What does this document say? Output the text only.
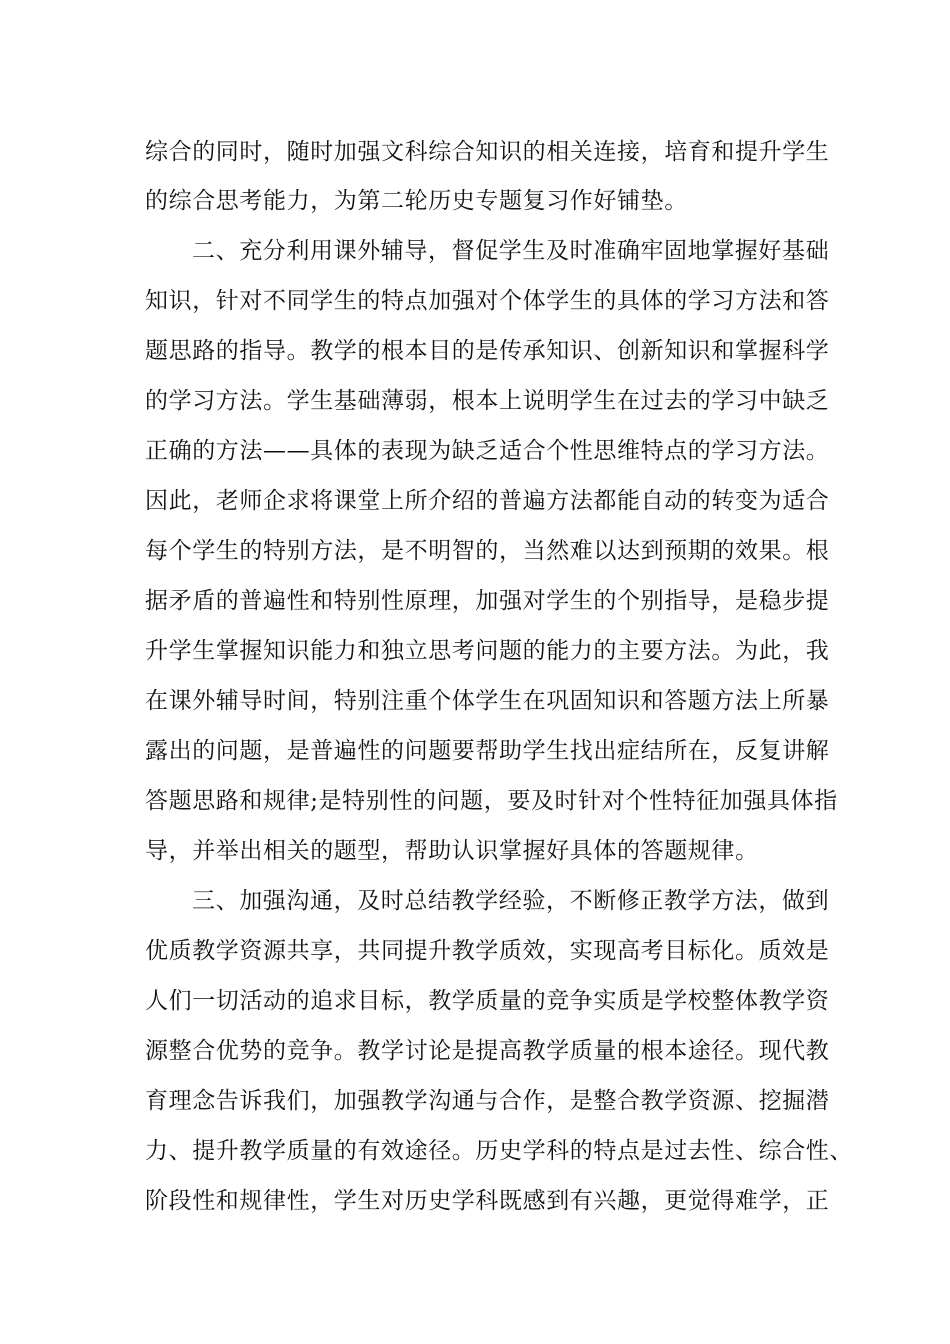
综合的同时，随时加强文科综合知识的相关连接，培育和提升学生
的综合思考能力，为第二轮历史专题复习作好铺垫。
二、充分利用课外辅导，督促学生及时准确牢固地掌握好基础
知识，针对不同学生的特点加强对个体学生的具体的学习方法和答
题思路的指导。教学的根本目的是传承知识、创新知识和掌握科学
的学习方法。学生基础薄弱，根本上说明学生在过去的学习中缺乏
正确的方法——具体的表现为缺乏适合个性思维特点的学习方法。
因此，老师企求将课堂上所介绍的普遍方法都能自动的转变为适合
每个学生的特别方法，是不明智的，当然难以达到预期的效果。根
据矛盾的普遍性和特别性原理，加强对学生的个别指导，是稳步提
升学生掌握知识能力和独立思考问题的能力的主要方法。为此，我
在课外辅导时间，特别注重个体学生在巩固知识和答题方法上所暴
露出的问题，是普遍性的问题要帮助学生找出症结所在，反复讲解
答题思路和规律;是特别性的问题，要及时针对个性特征加强具体指
导，并举出相关的题型，帮助认识掌握好具体的答题规律。
三、加强沟通，及时总结教学经验，不断修正教学方法，做到
优质教学资源共享，共同提升教学质效，实现高考目标化。质效是
人们一切活动的追求目标，教学质量的竞争实质是学校整体教学资
源整合优势的竞争。教学讨论是提高教学质量的根本途径。现代教
育理念告诉我们，加强教学沟通与合作，是整合教学资源、挖掘潜
力、提升教学质量的有效途径。历史学科的特点是过去性、综合性、
阶段性和规律性，学生对历史学科既感到有兴趣，更觉得难学，正
